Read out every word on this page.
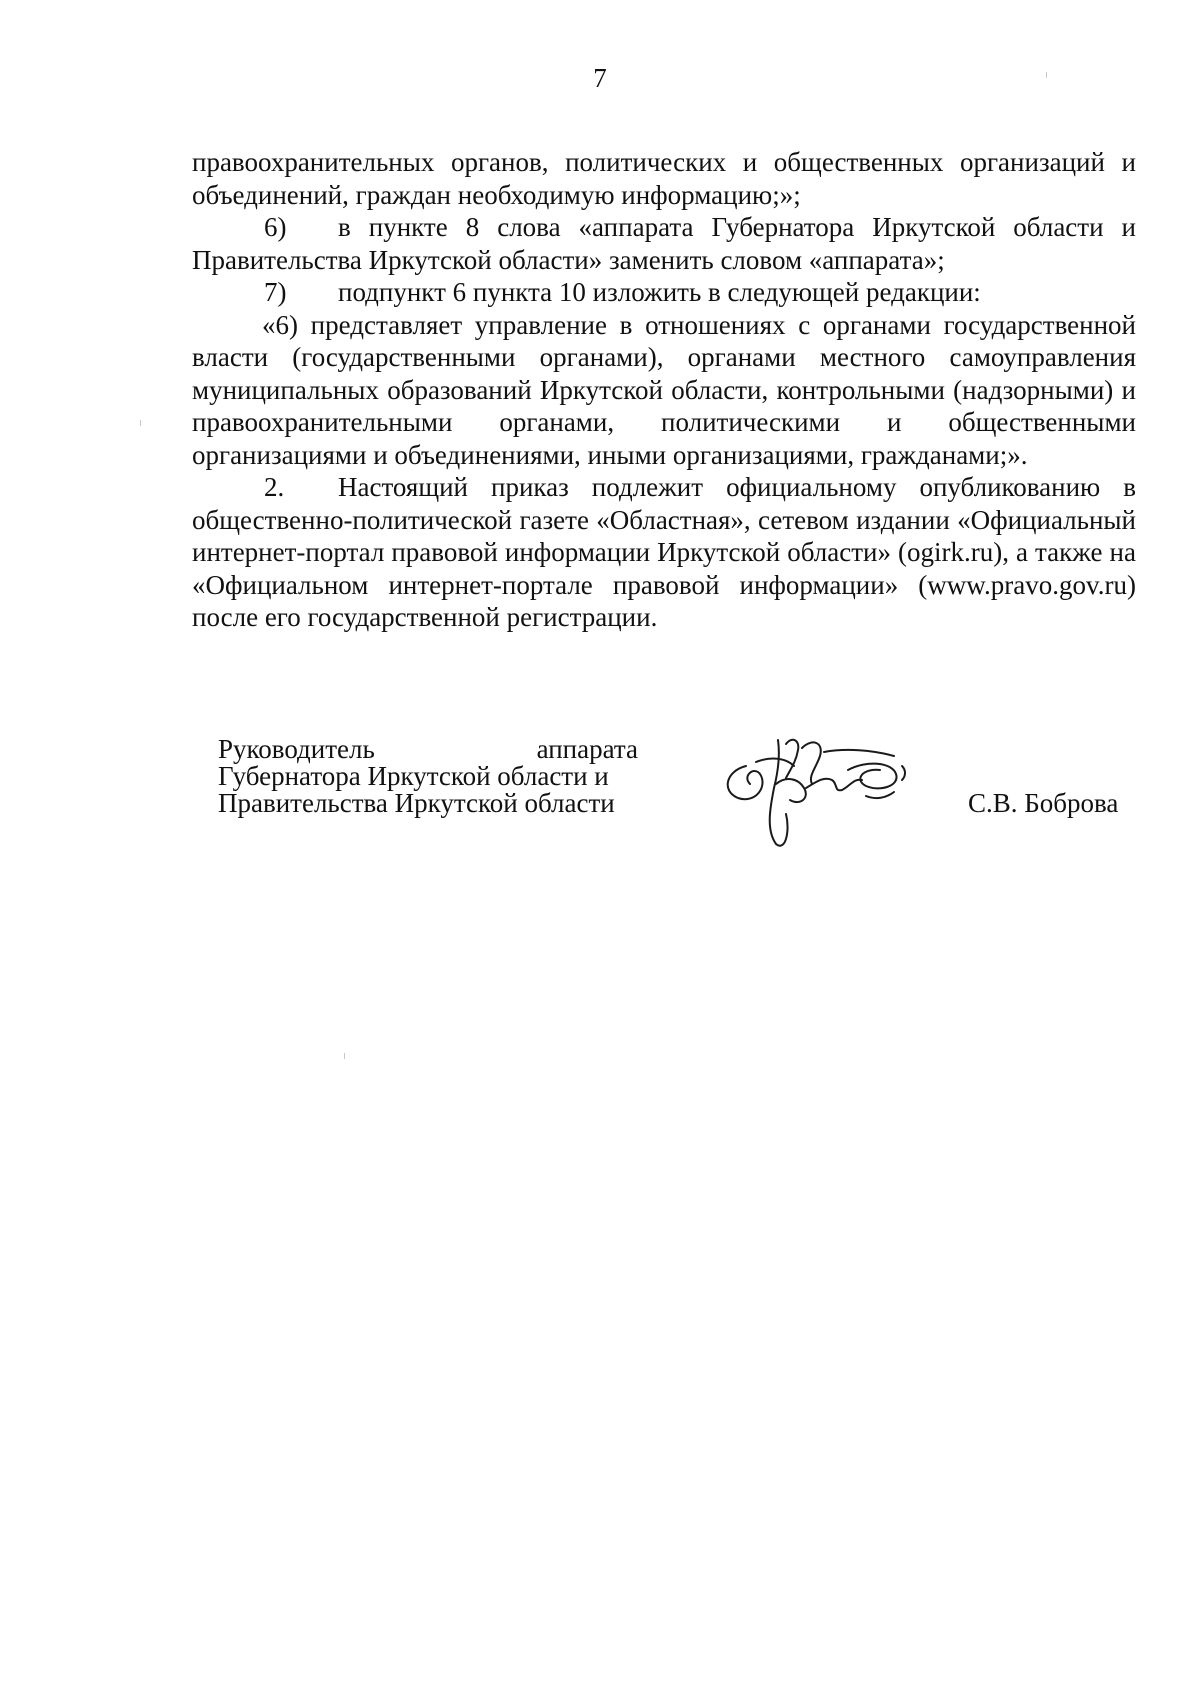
7

правоохранительных органов, политических и общественных организаций и объединений, граждан необходимую информацию;»;

6) в пункте 8 слова «аппарата Губернатора Иркутской области и Правительства Иркутской области» заменить словом «аппарата»;

7) подпункт 6 пункта 10 изложить в следующей редакции:

«6) представляет управление в отношениях с органами государственной власти (государственными органами), органами местного самоуправления муниципальных образований Иркутской области, контрольными (надзорными) и правоохранительными органами, политическими и общественными организациями и объединениями, иными организациями, гражданами;».

2. Настоящий приказ подлежит официальному опубликованию в общественно-политической газете «Областная», сетевом издании «Официальный интернет-портал правовой информации Иркутской области» (ogirk.ru), а также на «Официальном интернет-портале правовой информации» (www.pravo.gov.ru) после его государственной регистрации.

Руководитель	аппарата
Губернатора Иркутской области и
Правительства Иркутской области	С.В. Боброва
